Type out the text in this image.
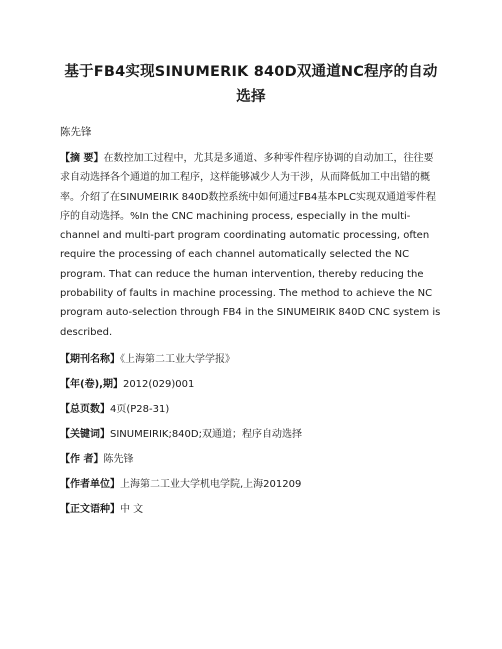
基于FB4实现SINUMERIK 840D双通道NC程序的自动选择
陈先锋
【摘 要】在数控加工过程中，尤其是多通道、多种零件程序协调的自动加工，往往要求自动选择各个通道的加工程序，这样能够减少人为干涉，从而降低加工中出错的概率。介绍了在SINUMEIRIK 840D数控系统中如何通过FB4基本PLC实现双通道零件程序的自动选择。%In the CNC machining process, especially in the multi-channel and multi-part program coordinating automatic processing, often require the processing of each channel automatically selected the NC program. That can reduce the human intervention, thereby reducing the probability of faults in machine processing. The method to achieve the NC program auto-selection through FB4 in the SINUMEIRIK 840D CNC system is described.
【期刊名称】《上海第二工业大学学报》
【年(卷),期】2012(029)001
【总页数】4页(P28-31)
【关键词】SINUMEIRIK;840D;双通道；程序自动选择
【作 者】陈先锋
【作者单位】上海第二工业大学机电学院,上海201209
【正文语种】中 文
